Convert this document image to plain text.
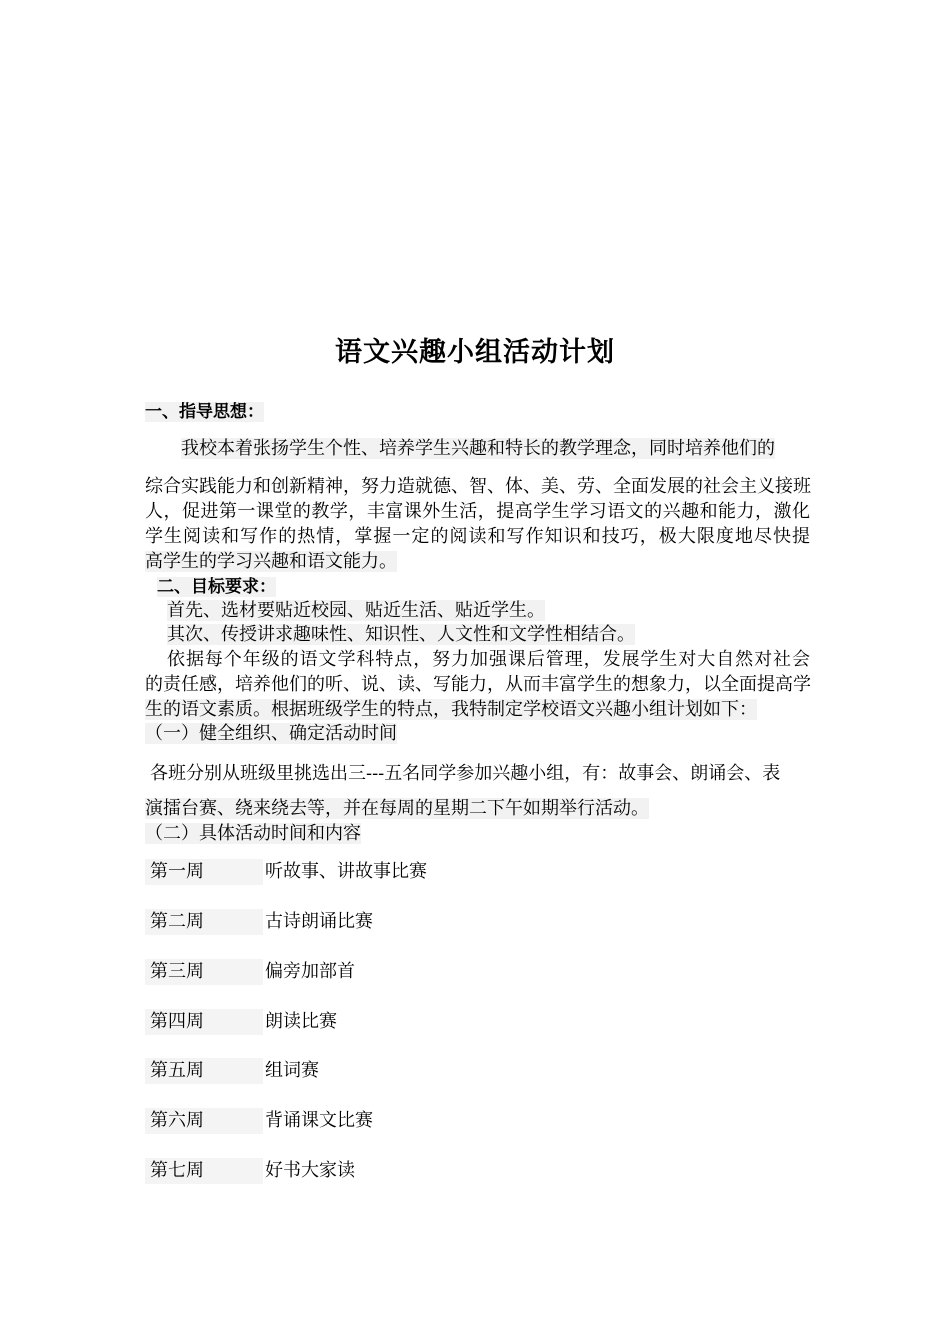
语文兴趣小组活动计划
一、指导思想：
我校本着张扬学生个性、培养学生兴趣和特长的教学理念，同时培养他们的
综合实践能力和创新精神，努力造就德、智、体、美、劳、全面发展的社会主义接班
人，促进第一课堂的教学，丰富课外生活，提高学生学习语文的兴趣和能力，激化
学生阅读和写作的热情，掌握一定的阅读和写作知识和技巧，极大限度地尽快提
高学生的学习兴趣和语文能力。
二、目标要求：
首先、选材要贴近校园、贴近生活、贴近学生。
其次、传授讲求趣味性、知识性、人文性和文学性相结合。
依据每个年级的语文学科特点，努力加强课后管理，发展学生对大自然对社会
的责任感，培养他们的听、说、读、写能力，从而丰富学生的想象力，以全面提高学
生的语文素质。根据班级学生的特点，我特制定学校语文兴趣小组计划如下：
（一）健全组织、确定活动时间
各班分别从班级里挑选出三---五名同学参加兴趣小组，有：故事会、朗诵会、表
演擂台赛、绕来绕去等，并在每周的星期二下午如期举行活动。
（二）具体活动时间和内容
第一周	听故事、讲故事比赛
第二周	古诗朗诵比赛
第三周	偏旁加部首
第四周	朗读比赛
第五周	组词赛
第六周	背诵课文比赛
第七周	好书大家读
